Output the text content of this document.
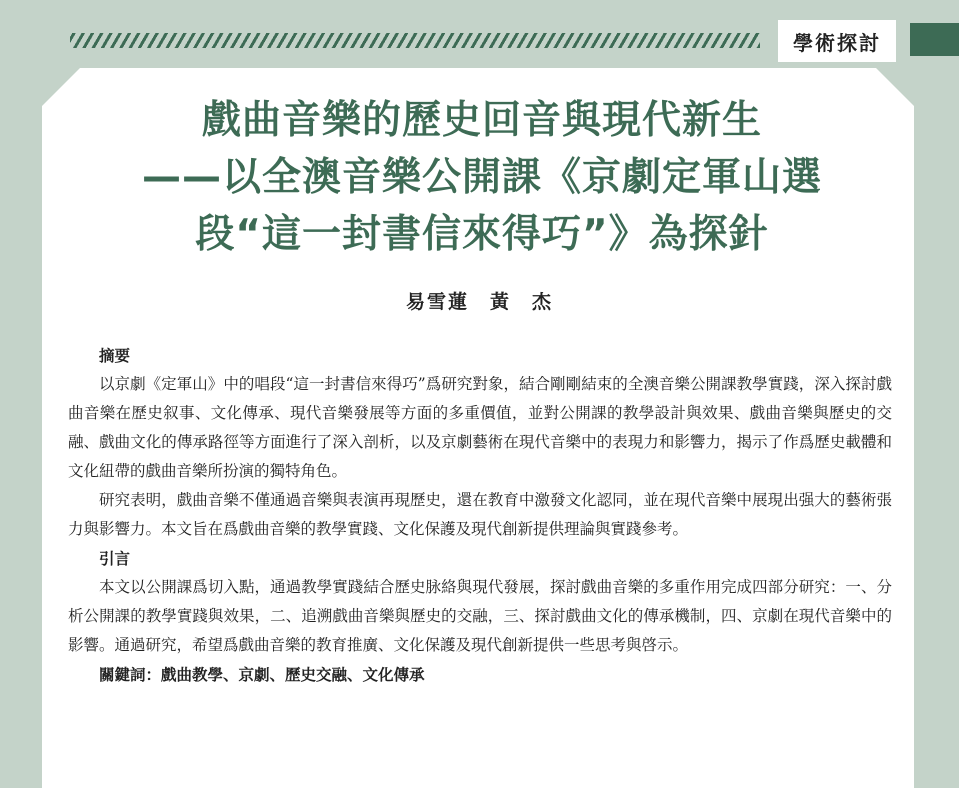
學術探討
戲曲音樂的歷史回音與現代新生
——以全澳音樂公開課《京劇定軍山選
段“這一封書信來得巧”》為探針
易雪蓮　黃　杰

摘要

以京劇《定軍山》中的唱段“這一封書信來得巧”爲研究對象，結合剛剛結束的全澳音樂公開課教學實踐，深入探討戲曲音樂在歷史叙事、文化傳承、現代音樂發展等方面的多重價值，並對公開課的教學設計與效果、戲曲音樂與歷史的交融、戲曲文化的傳承路徑等方面進行了深入剖析，以及京劇藝術在現代音樂中的表現力和影響力，揭示了作爲歷史載體和文化紐帶的戲曲音樂所扮演的獨特角色。

研究表明，戲曲音樂不僅通過音樂與表演再現歷史，還在教育中激發文化認同，並在現代音樂中展現出强大的藝術張力與影響力。本文旨在爲戲曲音樂的教學實踐、文化保護及現代創新提供理論與實踐參考。

引言

本文以公開課爲切入點，通過教學實踐結合歷史脉絡與現代發展，探討戲曲音樂的多重作用完成四部分研究：一、分析公開課的教學實踐與效果，二、追溯戲曲音樂與歷史的交融，三、探討戲曲文化的傳承機制，四、京劇在現代音樂中的影響。通過研究，希望爲戲曲音樂的教育推廣、文化保護及現代創新提供一些思考與啓示。

關鍵詞：戲曲教學、京劇、歷史交融、文化傳承
